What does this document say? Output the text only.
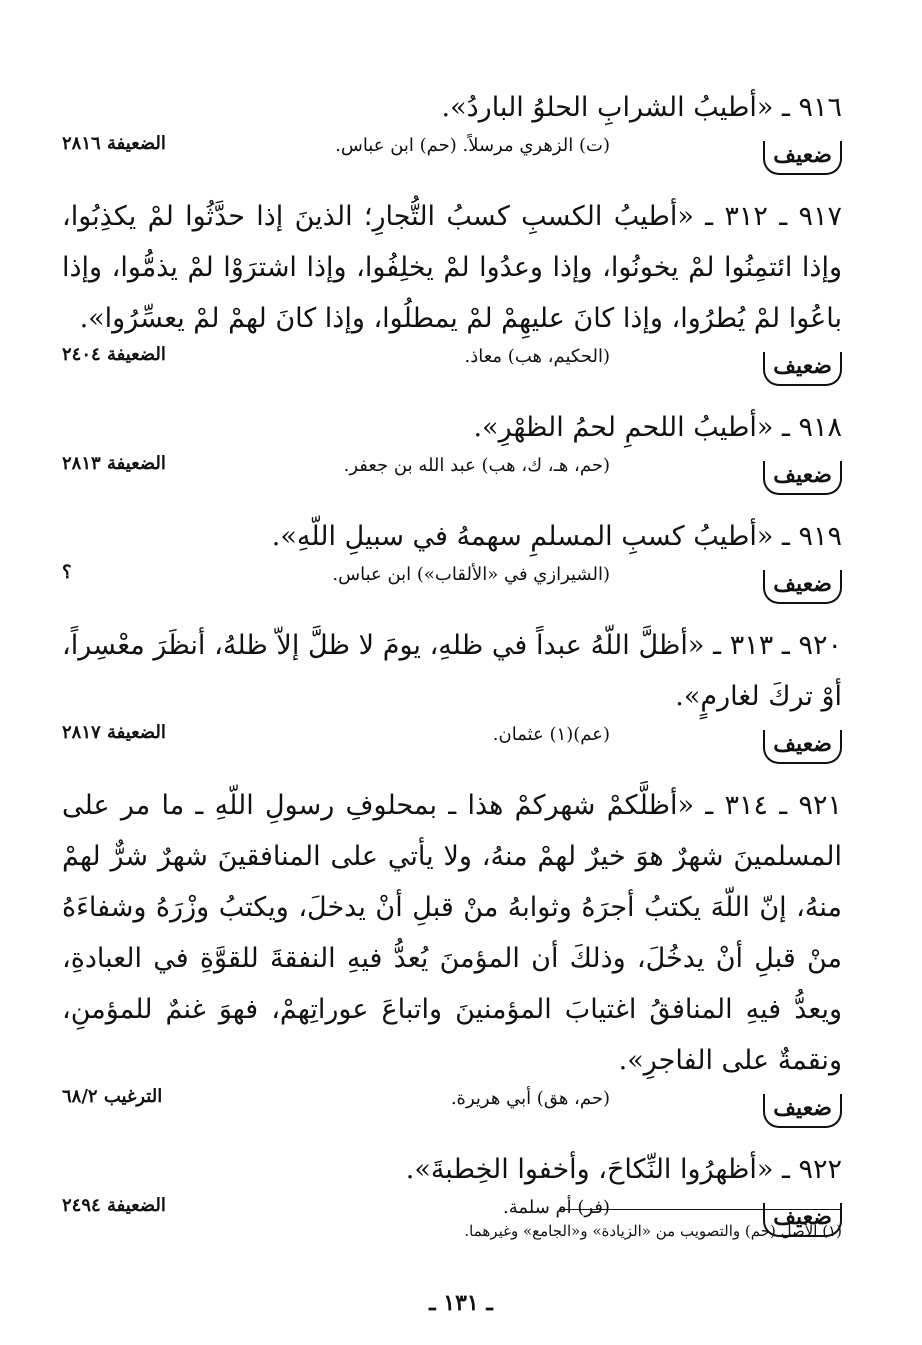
٩١٦ ـ «أطيبُ الشرابِ الحلوُ الباردُ».

ضعيف
(ت) الزهري مرسلاً. (حم) ابن عباس.
الضعيفة ٢٨١٦

٩١٧ ـ ٣١٢ ـ «أطيبُ الكسبِ كسبُ التُّجارِ؛ الذينَ إذا حدَّثُوا لمْ يكذِبُوا، وإذا ائتمِنُوا لمْ يخونُوا، وإذا وعدُوا لمْ يخلِفُوا، وإذا اشترَوْا لمْ يذمُّوا، وإذا باعُوا لمْ يُطرُوا، وإذا كانَ عليهِمْ لمْ يمطلُوا، وإذا كانَ لهمْ لمْ يعسِّرُوا».

ضعيف
(الحكيم، هب) معاذ.
الضعيفة ٢٤٠٤

٩١٨ ـ «أطيبُ اللحمِ لحمُ الظهْرِ».

ضعيف
(حم، هـ، ك، هب) عبد الله بن جعفر.
الضعيفة ٢٨١٣

٩١٩ ـ «أطيبُ كسبِ المسلمِ سهمهُ في سبيلِ اللّهِ».

ضعيف
(الشيرازي في «الألقاب») ابن عباس.
؟

٩٢٠ ـ ٣١٣ ـ «أظلَّ اللّهُ عبداً في ظلهِ، يومَ لا ظلَّ إلاّ ظلهُ، أنظَرَ معْسِراً، أوْ تركَ لغارمٍ».

ضعيف
(عم)(١) عثمان.
الضعيفة ٢٨١٧

٩٢١ ـ ٣١٤ ـ «أظلَّكمْ شهركمْ هذا ـ بمحلوفِ رسولِ اللّهِ ـ ما مر على المسلمينَ شهرٌ هوَ خيرٌ لهمْ منهُ، ولا يأتي على المنافقينَ شهرٌ شرٌّ لهمْ منهُ، إنّ اللّهَ يكتبُ أجرَهُ وثوابهُ منْ قبلِ أنْ يدخلَ، ويكتبُ وزْرَهُ وشفاءَهُ منْ قبلِ أنْ يدخُلَ، وذلكَ أن المؤمنَ يُعدُّ فيهِ النفقةَ للقوَّةِ في العبادةِ، ويعدُّ فيهِ المنافقُ اغتيابَ المؤمنينَ واتباعَ عوراتِهمْ، فهوَ غنمٌ للمؤمنِ، ونقمةٌ على الفاجرِ».

ضعيف
(حم، هق) أبي هريرة.
الترغيب ٦٨/٢

٩٢٢ ـ «أظهرُوا النِّكاحَ، وأخفوا الخِطبةَ».

ضعيف
(فر) أم سلمة.
الضعيفة ٢٤٩٤
(١) الأصل (حم) والتصويب من «الزيادة» و«الجامع» وغيرهما.
ـ ١٣١ ـ
